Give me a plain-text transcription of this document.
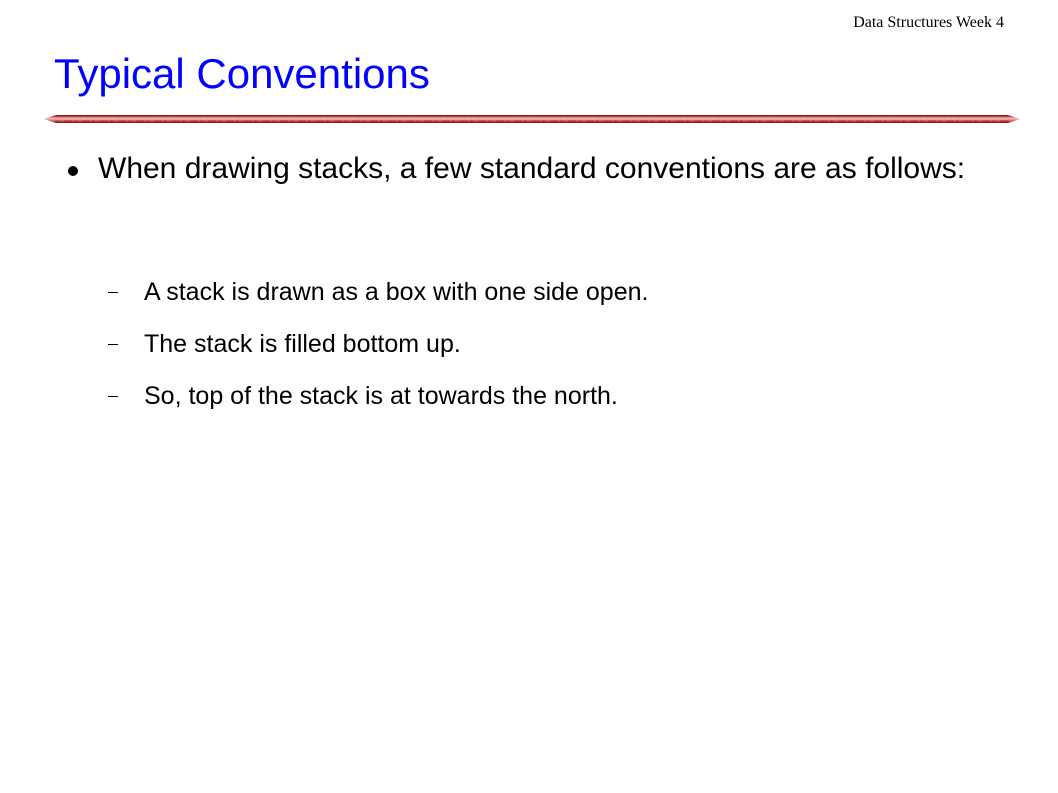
Data Structures Week 4
Typical Conventions
When drawing stacks, a few standard conventions are as follows:
A stack is drawn as a box with one side open.
The stack is filled bottom up.
So, top of the stack is at towards the north.
